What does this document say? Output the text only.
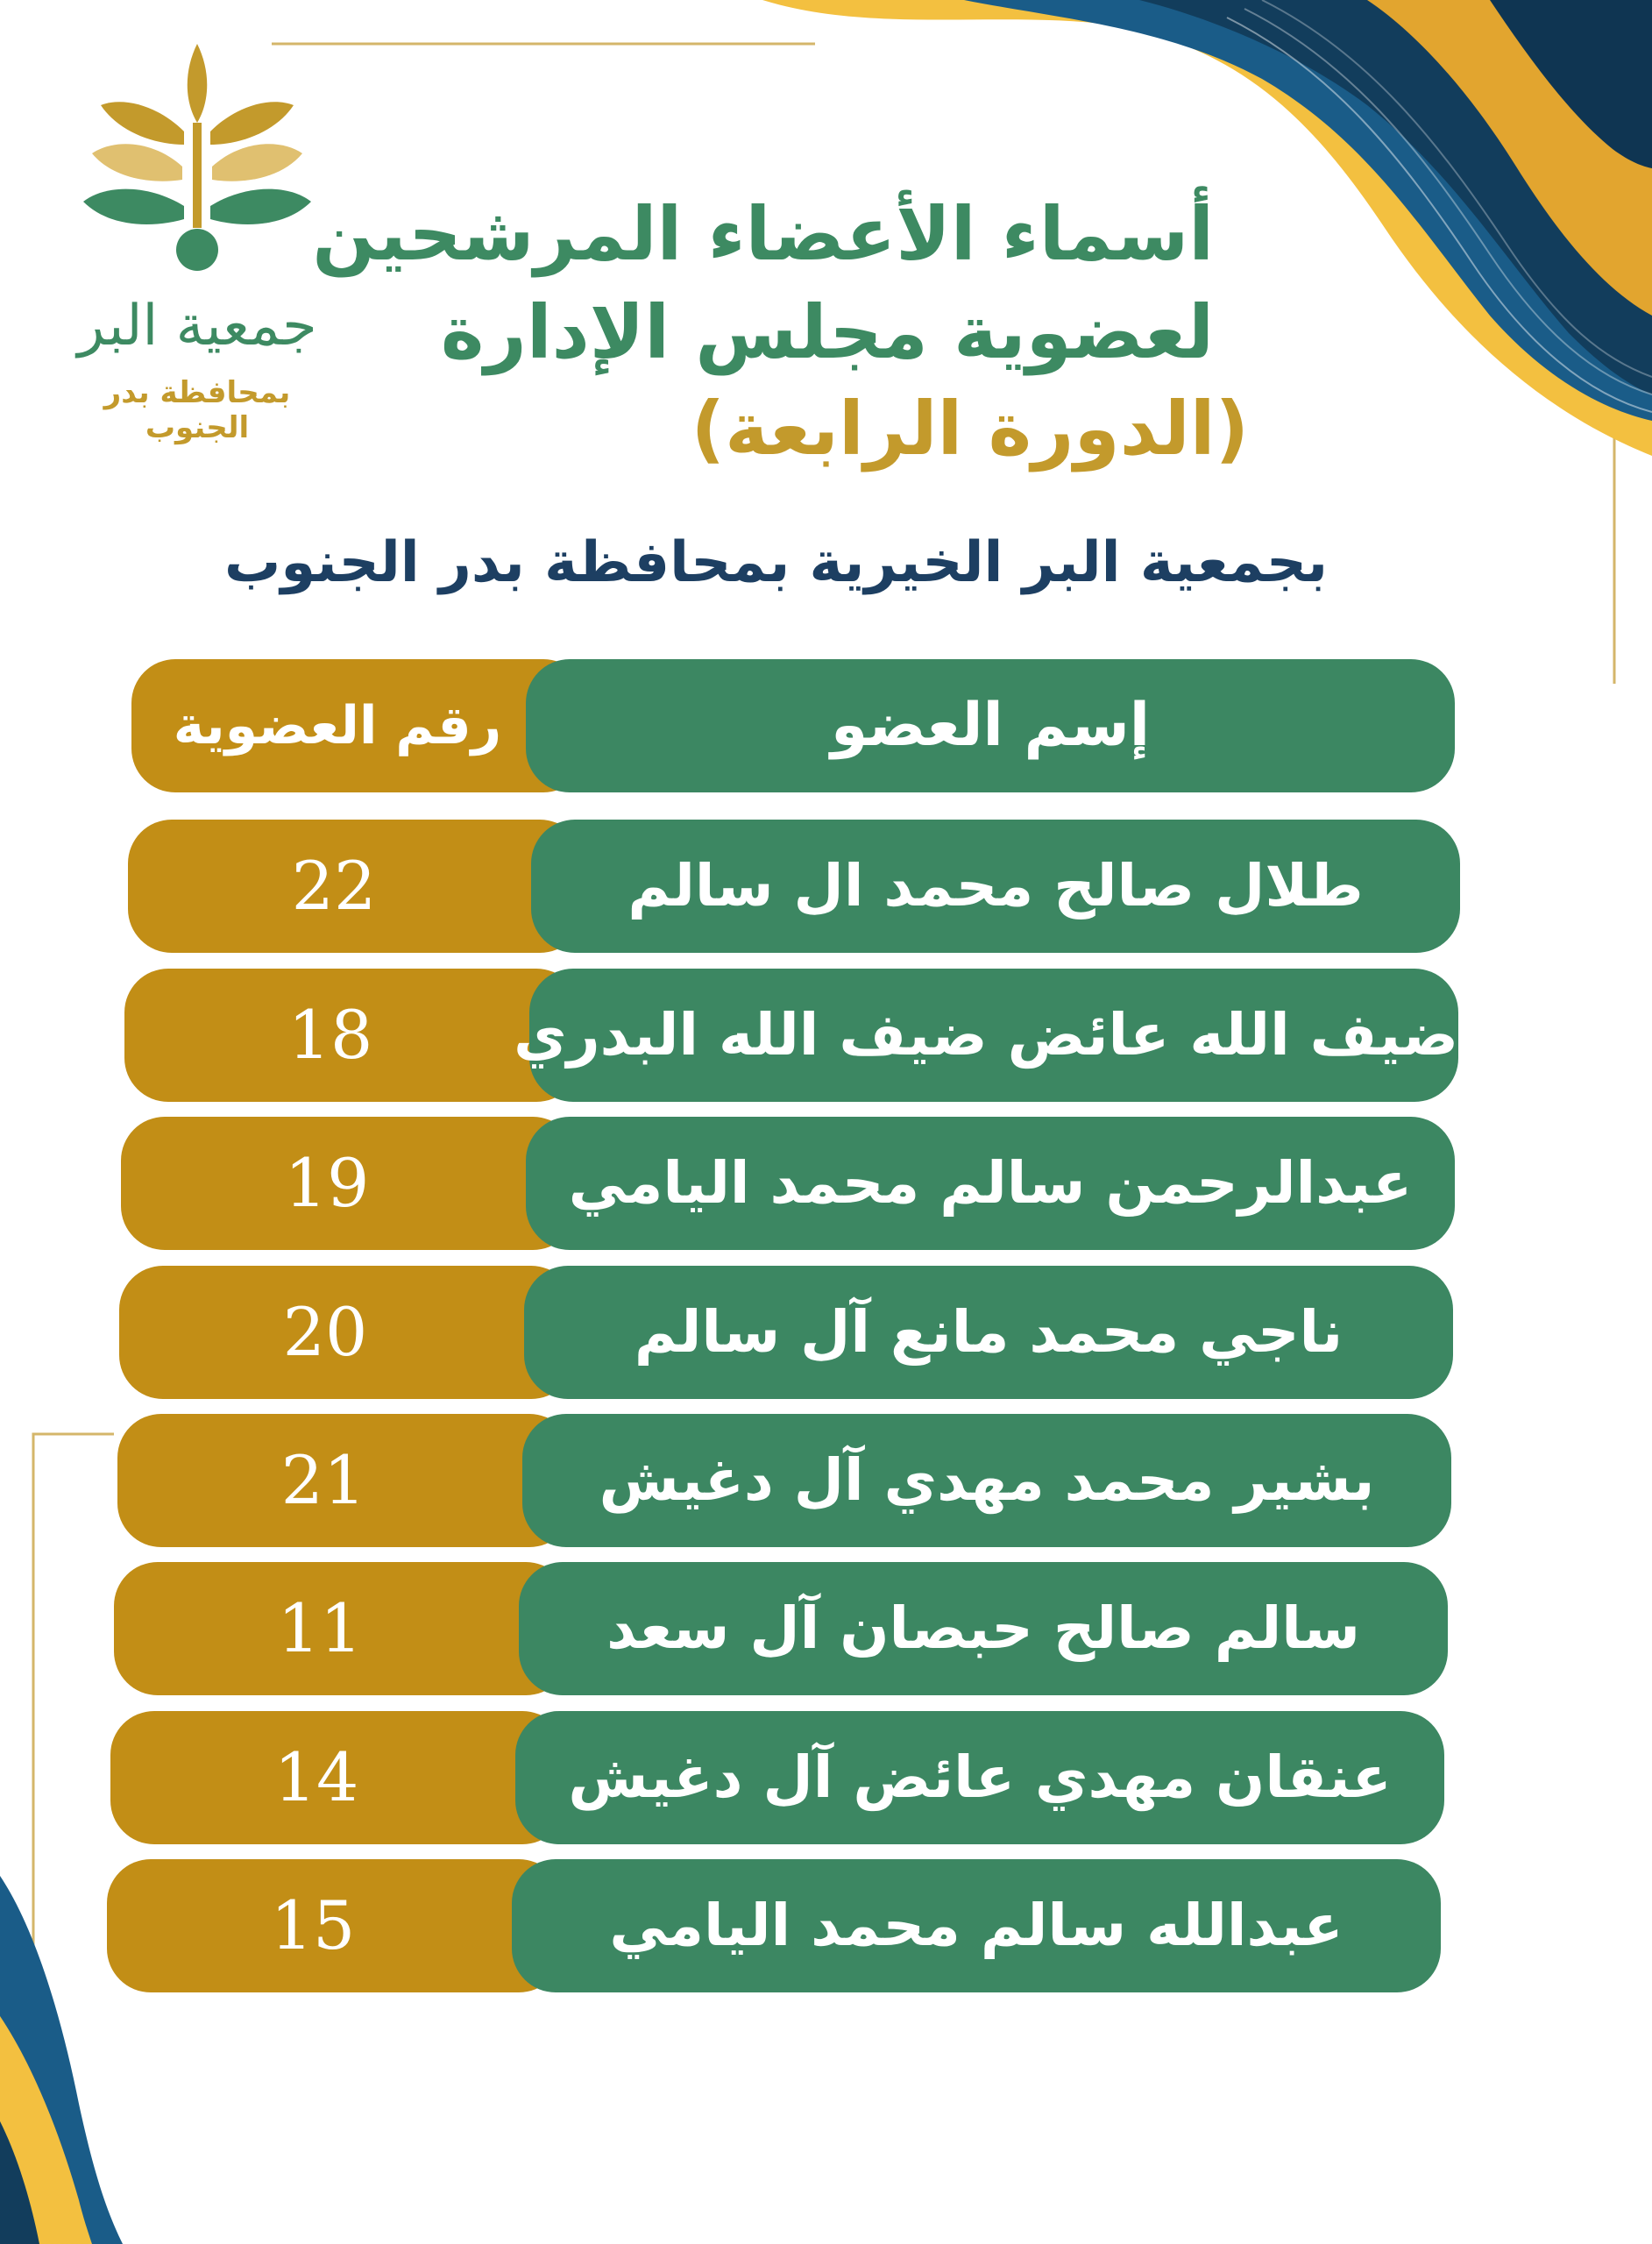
جمعية البر
بمحافظة بدر الجنوب
أسماء الأعضاء المرشحين
لعضوية مجلس الإدارة
(الدورة الرابعة)
بجمعية البر الخيرية بمحافظة بدر الجنوب
رقم العضوية	إسم العضو
22	طلال صالح محمد ال سالم
18	ضيف الله عائض ضيف الله البدري
19	عبدالرحمن سالم محمد اليامي
20	ناجي محمد مانع آل سالم
21	بشير محمد مهدي آل دغيش
11	سالم صالح حبصان آل سعد
14	عنقان مهدي عائض آل دغيش
15	عبدالله سالم محمد اليامي
